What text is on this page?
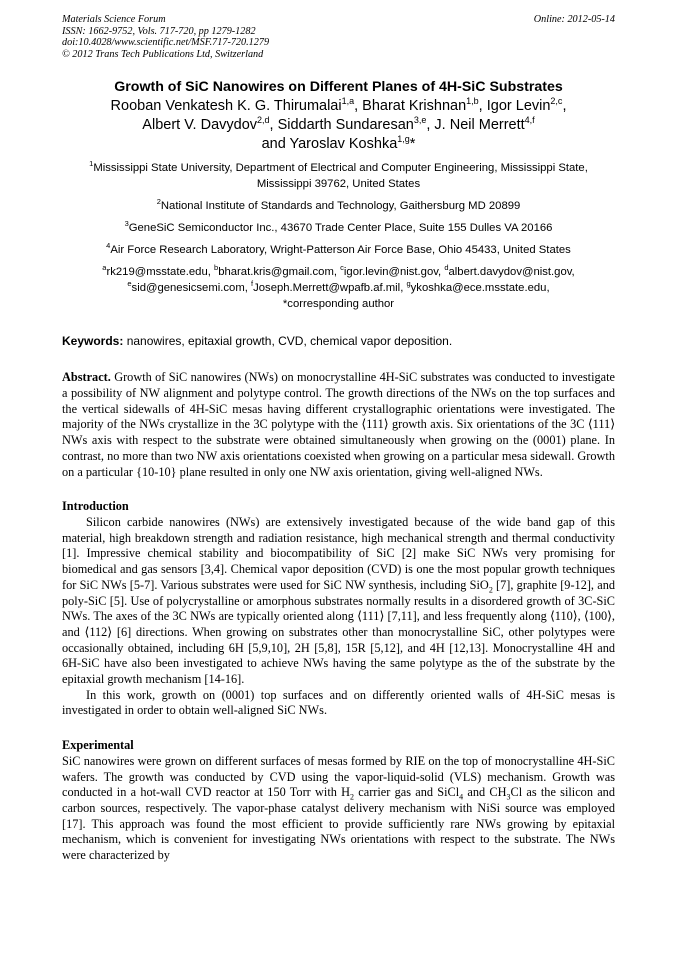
Materials Science Forum
ISSN: 1662-9752, Vols. 717-720, pp 1279-1282
doi:10.4028/www.scientific.net/MSF.717-720.1279
© 2012 Trans Tech Publications Ltd, Switzerland
Online: 2012-05-14
Growth of SiC Nanowires on Different Planes of 4H-SiC Substrates
Rooban Venkatesh K. G. Thirumalai$^{1,a}$, Bharat Krishnan$^{1,b}$, Igor Levin$^{2,c}$,
Albert V. Davydov$^{2,d}$, Siddarth Sundaresan$^{3,e}$, J. Neil Merrett$^{4,f}$
and Yaroslav Koshka$^{1,g}$*
$^1$Mississippi State University, Department of Electrical and Computer Engineering, Mississippi State, Mississippi 39762, United States
$^2$National Institute of Standards and Technology, Gaithersburg MD 20899
$^3$GeneSiC Semiconductor Inc., 43670 Trade Center Place, Suite 155 Dulles VA 20166
$^4$Air Force Research Laboratory, Wright-Patterson Air Force Base, Ohio 45433, United States
$^a$rk219@msstate.edu, $^b$bharat.kris@gmail.com, $^c$igor.levin@nist.gov, $^d$albert.davydov@nist.gov,
$^e$sid@genesicsemi.com, $^f$Joseph.Merrett@wpafb.af.mil, $^g$ykoshka@ece.msstate.edu,
*corresponding author
Keywords: nanowires, epitaxial growth, CVD, chemical vapor deposition.
Abstract. Growth of SiC nanowires (NWs) on monocrystalline 4H-SiC substrates was conducted to investigate a possibility of NW alignment and polytype control. The growth directions of the NWs on the top surfaces and the vertical sidewalls of 4H-SiC mesas having different crystallographic orientations were investigated. The majority of the NWs crystallize in the 3C polytype with the ⟨111⟩ growth axis. Six orientations of the 3C ⟨111⟩ NWs axis with respect to the substrate were obtained simultaneously when growing on the (0001) plane. In contrast, no more than two NW axis orientations coexisted when growing on a particular mesa sidewall. Growth on a particular {10-10} plane resulted in only one NW axis orientation, giving well-aligned NWs.
Introduction
Silicon carbide nanowires (NWs) are extensively investigated because of the wide band gap of this material, high breakdown strength and radiation resistance, high mechanical strength and thermal conductivity [1]. Impressive chemical stability and biocompatibility of SiC [2] make SiC NWs very promising for biomedical and gas sensors [3,4]. Chemical vapor deposition (CVD) is one the most popular growth techniques for SiC NWs [5-7]. Various substrates were used for SiC NW synthesis, including SiO$_2$ [7], graphite [9-12], and poly-SiC [5]. Use of polycrystalline or amorphous substrates normally results in a disordered growth of 3C-SiC NWs. The axes of the 3C NWs are typically oriented along ⟨111⟩ [7,11], and less frequently along ⟨110⟩, ⟨100⟩, and ⟨112⟩ [6] directions. When growing on substrates other than monocrystalline SiC, other polytypes were occasionally obtained, including 6H [5,9,10], 2H [5,8], 15R [5,12], and 4H [12,13]. Monocrystalline 4H and 6H-SiC have also been investigated to achieve NWs having the same polytype as the of the substrate by the epitaxial growth mechanism [14-16].
In this work, growth on (0001) top surfaces and on differently oriented walls of 4H-SiC mesas is investigated in order to obtain well-aligned SiC NWs.
Experimental
SiC nanowires were grown on different surfaces of mesas formed by RIE on the top of monocrystalline 4H-SiC wafers. The growth was conducted by CVD using the vapor-liquid-solid (VLS) mechanism. Growth was conducted in a hot-wall CVD reactor at 150 Torr with $H_2$ carrier gas and SiCl$_4$ and $CH_3Cl$ as the silicon and carbon sources, respectively. The vapor-phase catalyst delivery mechanism with NiSi source was employed [17]. This approach was found the most efficient to provide sufficiently rare NWs growing by epitaxial mechanism, which is convenient for investigating NWs orientations with respect to the substrate. The NWs were characterized by
